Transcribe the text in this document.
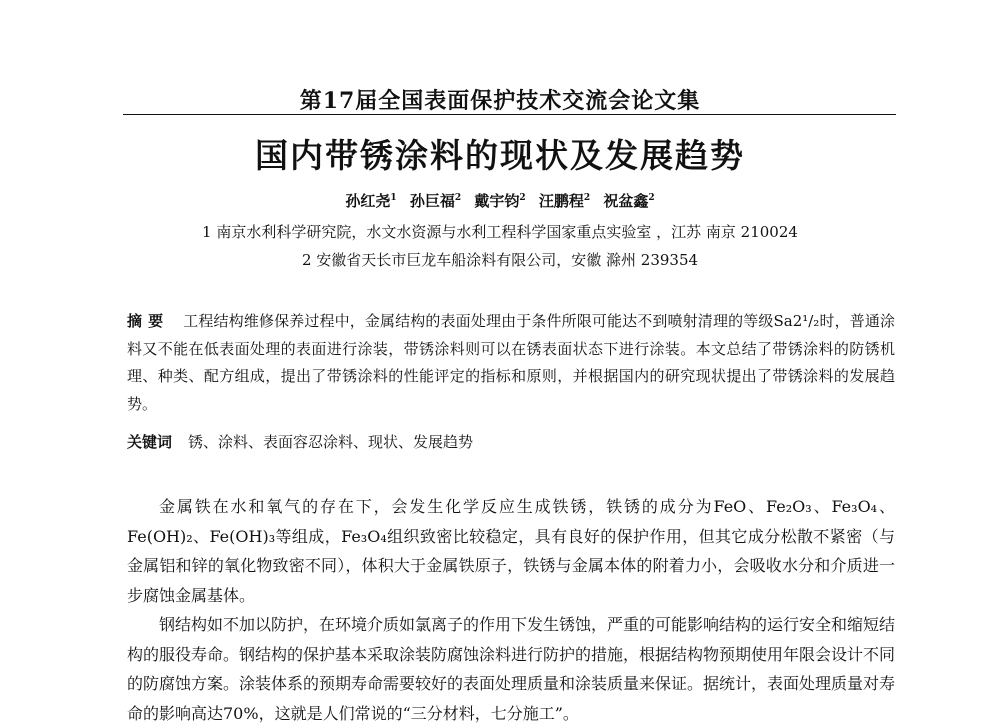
第17届全国表面保护技术交流会论文集
国内带锈涂料的现状及发展趋势
孙红尧$^1$ 孙巨福$^2$ 戴宇钧$^2$ 汪鹏程$^2$ 祝盆鑫$^2$
1 南京水利科学研究院，水文水资源与水利工程科学国家重点实验室 ，江苏 南京 210024
2 安徽省天长市巨龙车船涂料有限公司，安徽 滁州 239354
摘要 工程结构维修保养过程中，金属结构的表面处理由于条件所限可能达不到喷射清理的等级Sa2¹/₂时，普通涂料又不能在低表面处理的表面进行涂装，带锈涂料则可以在锈表面状态下进行涂装。本文总结了带锈涂料的防锈机理、种类、配方组成，提出了带锈涂料的性能评定的指标和原则，并根据国内的研究现状提出了带锈涂料的发展趋势。
关键词 锈、涂料、表面容忍涂料、现状、发展趋势

金属铁在水和氧气的存在下，会发生化学反应生成铁锈，铁锈的成分为FeO、Fe₂O₃、Fe₃O₄、Fe(OH)₂、Fe(OH)₃等组成，Fe₃O₄组织致密比较稳定，具有良好的保护作用，但其它成分松散不紧密（与金属铝和锌的氧化物致密不同），体积大于金属铁原子，铁锈与金属本体的附着力小，会吸收水分和介质进一步腐蚀金属基体。

钢结构如不加以防护，在环境介质如氯离子的作用下发生锈蚀，严重的可能影响结构的运行安全和缩短结构的服役寿命。钢结构的保护基本采取涂装防腐蚀涂料进行防护的措施，根据结构物预期使用年限会设计不同的防腐蚀方案。涂装体系的预期寿命需要较好的表面处理质量和涂装质量来保证。据统计，表面处理质量对寿命的影响高达70%，这就是人们常说的“三分材料，七分施工”。
